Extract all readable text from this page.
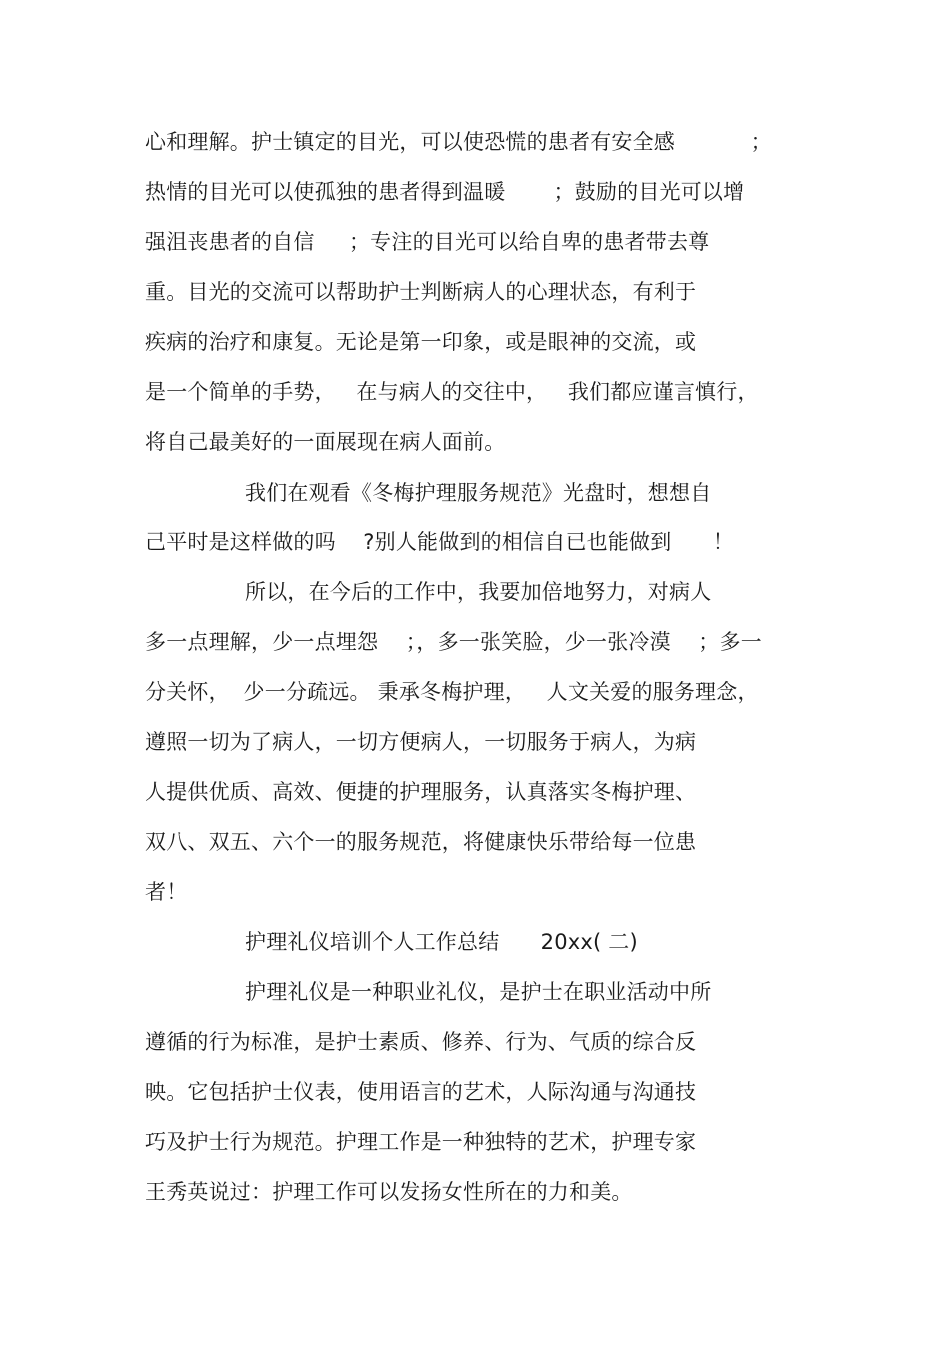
心和理解。护士镇定的目光，可以使恐慌的患者有安全感           ；
热情的目光可以使孤独的患者得到温暖       ；鼓励的目光可以增
强沮丧患者的自信     ；专注的目光可以给自卑的患者带去尊
重。目光的交流可以帮助护士判断病人的心理状态，有利于
疾病的治疗和康复。无论是第一印象，或是眼神的交流，或
是一个简单的手势，   在与病人的交往中，   我们都应谨言慎行，
将自己最美好的一面展现在病人面前。
我们在观看《冬梅护理服务规范》光盘时，想想自
己平时是这样做的吗    ?别人能做到的相信自已也能做到      ！
所以，在今后的工作中，我要加倍地努力，对病人
多一点理解，少一点埋怨    ；，多一张笑脸，少一张冷漠    ；多一
分关怀，  少一分疏远。 秉承冬梅护理，   人文关爱的服务理念，
遵照一切为了病人，一切方便病人，一切服务于病人，为病
人提供优质、高效、便捷的护理服务，认真落实冬梅护理、
双八、双五、六个一的服务规范，将健康快乐带给每一位患
者！
护理礼仪培训个人工作总结      20xx( 二)
护理礼仪是一种职业礼仪，是护士在职业活动中所
遵循的行为标准，是护士素质、修养、行为、气质的综合反
映。它包括护士仪表，使用语言的艺术，人际沟通与沟通技
巧及护士行为规范。护理工作是一种独特的艺术，护理专家
王秀英说过：护理工作可以发扬女性所在的力和美。
